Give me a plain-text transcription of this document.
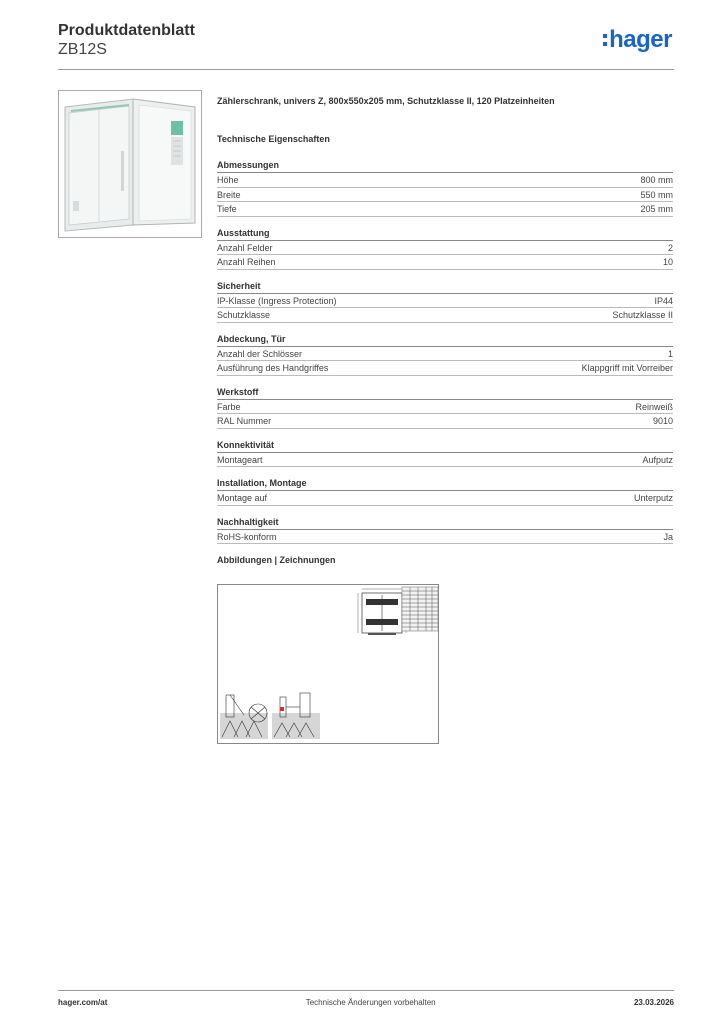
Produktdatenblatt
ZB12S	hager
Zählerschrank, univers Z, 800x550x205 mm, Schutzklasse II, 120 Platzeinheiten
Technische Eigenschaften
Abmessungen
Höhe	800 mm
Breite	550 mm
Tiefe	205 mm
Ausstattung
Anzahl Felder	2
Anzahl Reihen	10
Sicherheit
IP-Klasse (Ingress Protection)	IP44
Schutzklasse	Schutzklasse II
Abdeckung, Tür
Anzahl der Schlösser	1
Ausführung des Handgriffes	Klappgriff mit Vorreiber
Werkstoff
Farbe	Reinweiß
RAL Nummer	9010
Konnektivität
Montageart	Aufputz
Installation, Montage
Montage auf	Unterputz
Nachhaltigkeit
RoHS-konform	Ja
Abbildungen | Zeichnungen
hager.com/at	Technische Änderungen vorbehalten	23.03.2026
